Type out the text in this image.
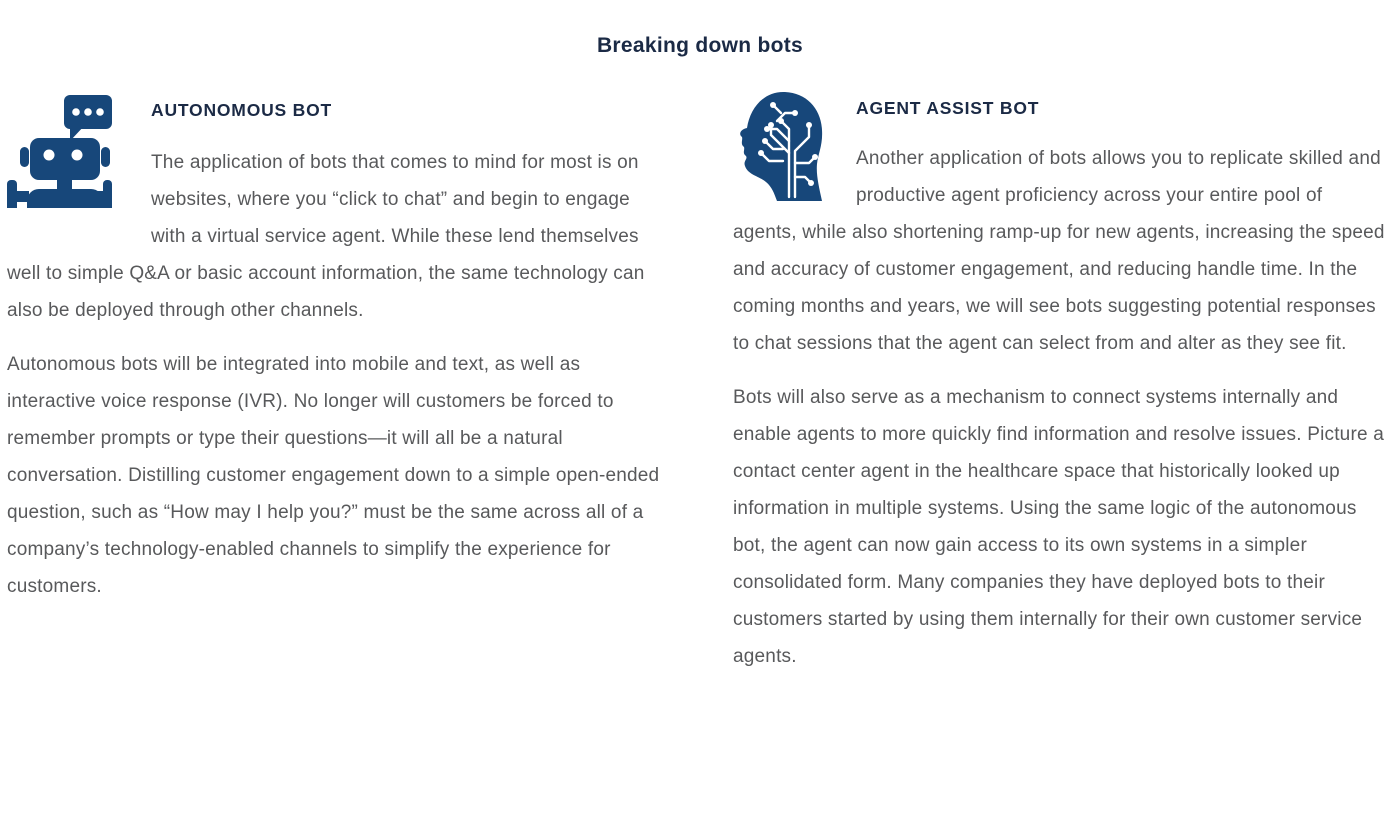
Breaking down bots
AUTONOMOUS BOT

The application of bots that comes to mind for most is on websites, where you “click to chat” and begin to engage with a virtual service agent. While these lend themselves well to simple Q&A or basic account information, the same technology can also be deployed through other channels.

Autonomous bots will be integrated into mobile and text, as well as interactive voice response (IVR). No longer will customers be forced to remember prompts or type their questions—it will all be a natural conversation. Distilling customer engagement down to a simple open-ended question, such as “How may I help you?” must be the same across all of a company’s technology-enabled channels to simplify the experience for customers.

AGENT ASSIST BOT

Another application of bots allows you to replicate skilled and productive agent proficiency across your entire pool of agents, while also shortening ramp-up for new agents, increasing the speed and accuracy of customer engagement, and reducing handle time. In the coming months and years, we will see bots suggesting potential responses to chat sessions that the agent can select from and alter as they see fit.

Bots will also serve as a mechanism to connect systems internally and enable agents to more quickly find information and resolve issues. Picture a contact center agent in the healthcare space that historically looked up information in multiple systems. Using the same logic of the autonomous bot, the agent can now gain access to its own systems in a simpler consolidated form. Many companies they have deployed bots to their customers started by using them internally for their own customer service agents.
